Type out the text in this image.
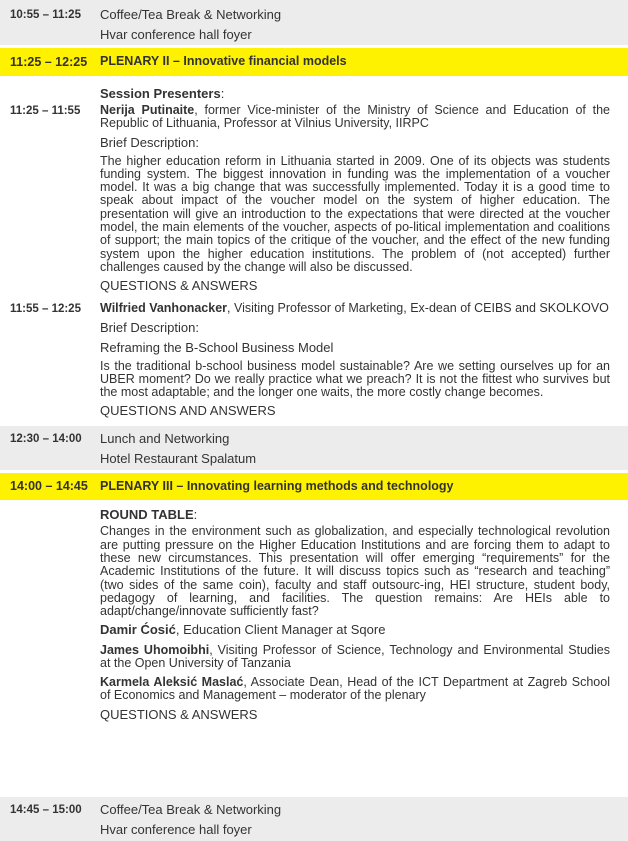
10:55 – 11:25	Coffee/Tea Break & Networking
Hvar conference hall foyer
11:25 – 12:25	PLENARY II – Innovative financial models
Session Presenters:
11:25 – 11:55	Nerija Putinaite, former Vice-minister of the Ministry of Science and Education of the Republic of Lithuania, Professor at Vilnius University, IIRPC

Brief Description:

The higher education reform in Lithuania started in 2009. One of its objects was students funding system. The biggest innovation in funding was the implementation of a voucher model. It was a big change that was successfully implemented. Today it is a good time to speak about impact of the voucher model on the system of higher education. The presentation will give an introduction to the expectations that were directed at the voucher model, the main elements of the voucher, aspects of po-litical implementation and coalitions of support; the main topics of the critique of the voucher, and the effect of the new funding system upon the higher education institutions. The problem of (not accepted) further challenges caused by the change will also be discussed.

QUESTIONS & ANSWERS
11:55 – 12:25	Wilfried Vanhonacker, Visiting Professor of Marketing, Ex-dean of CEIBS and SKOLKOVO

Brief Description:
Reframing the B-School Business Model

Is the traditional b-school business model sustainable? Are we setting ourselves up for an UBER moment? Do we really practice what we preach? It is not the fittest who survives but the most adaptable; and the longer one waits, the more costly change becomes.

QUESTIONS AND ANSWERS
12:30 – 14:00	Lunch and Networking
Hotel Restaurant Spalatum
14:00 – 14:45 PLENARY III – Innovating learning methods and technology
ROUND TABLE:

Changes in the environment such as globalization, and especially technological revolution are putting pressure on the Higher Education Institutions and are forcing them to adapt to these new circumstances. This presentation will offer emerging “requirements” for the Academic Institutions of the future. It will discuss topics such as “research and teaching” (two sides of the same coin), faculty and staff outsourc-ing, HEI structure, student body, pedagogy of learning, and facilities. The question remains: Are HEIs able to adapt/change/innovate sufficiently fast?

Damir Ćosić, Education Client Manager at Sqore

James Uhomoibhi, Visiting Professor of Science, Technology and Environmental Studies at the Open University of Tanzania

Karmela Aleksić Maslać, Associate Dean, Head of the ICT Department at Zagreb School of Economics and Management – moderator of the plenary

QUESTIONS & ANSWERS
14:45 – 15:00	Coffee/Tea Break & Networking
Hvar conference hall foyer
